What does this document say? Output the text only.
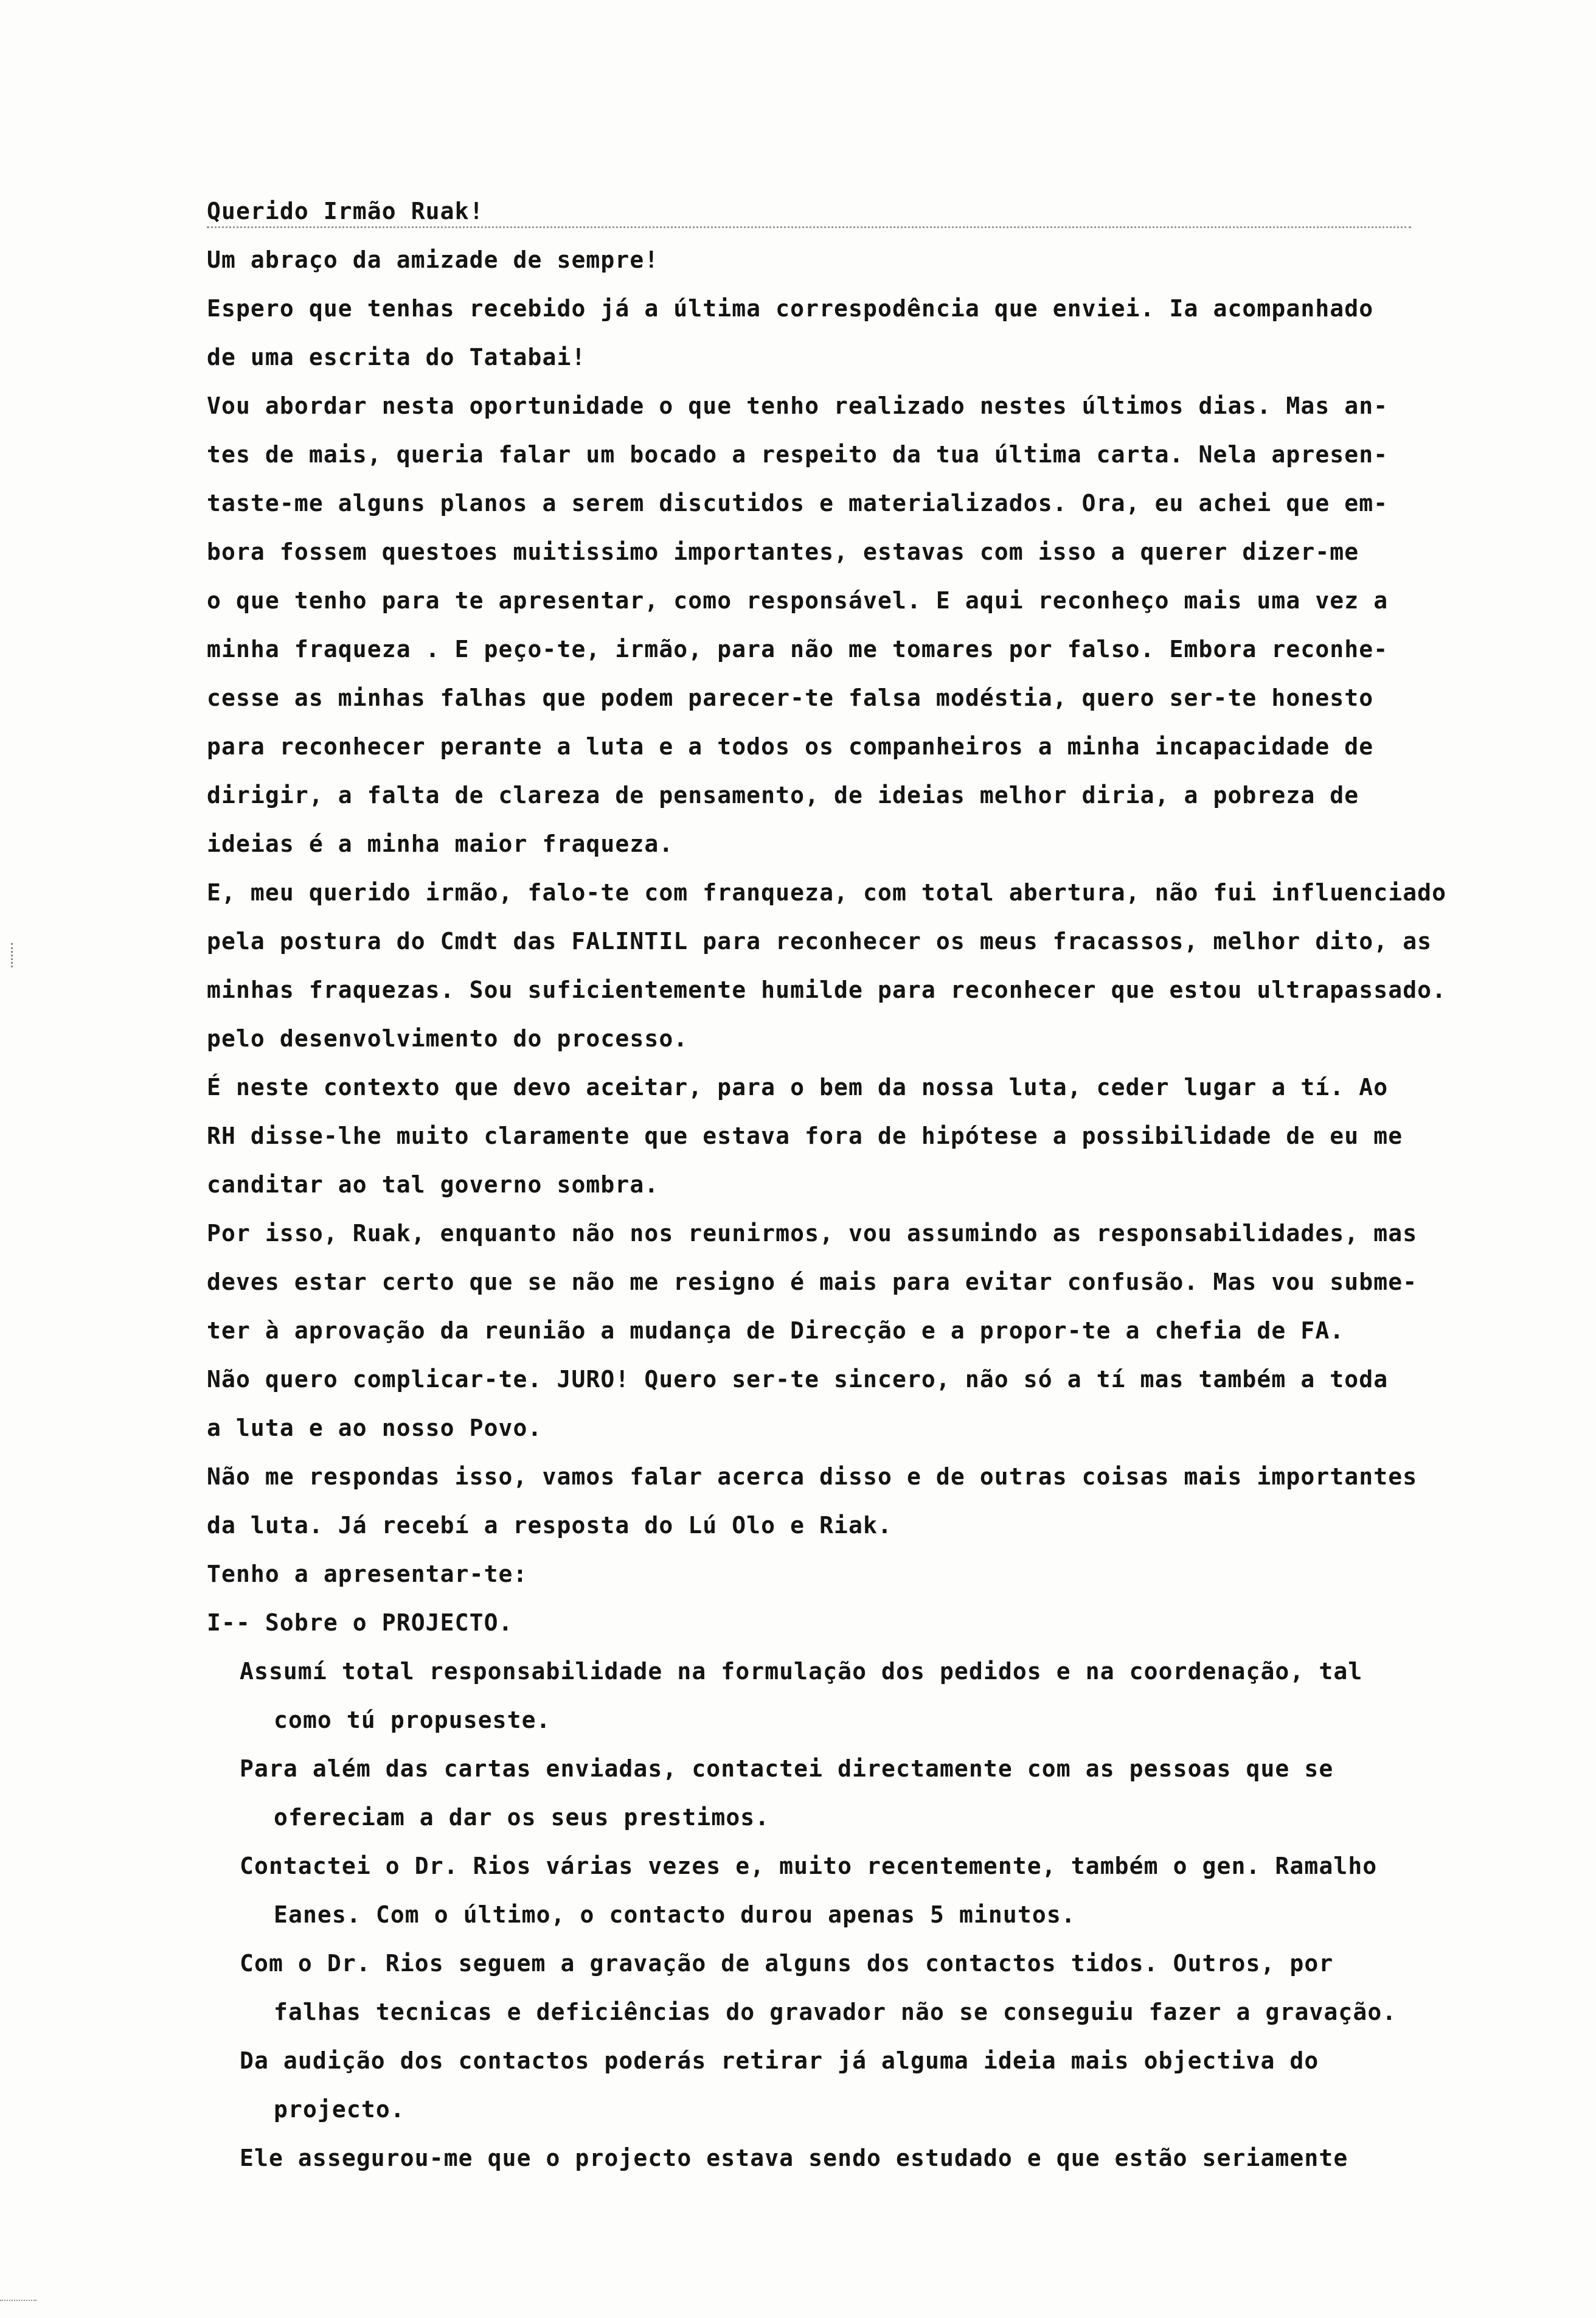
Querido Irmão Ruak!
Um abraço da amizade de sempre!
Espero que tenhas recebido já a última correspodência que enviei. Ia acompanhado
de uma escrita do Tatabai!
Vou abordar nesta oportunidade o que tenho realizado nestes últimos dias. Mas an-
tes de mais, queria falar um bocado a respeito da tua última carta. Nela apresen-
taste-me alguns planos a serem discutidos e materializados. Ora, eu achei que em-
bora fossem questoes muitissimo importantes, estavas com isso a querer dizer-me
o que tenho para te apresentar, como responsável. E aqui reconheço mais uma vez a
minha fraqueza . E peço-te, irmão, para não me tomares por falso. Embora reconhe-
cesse as minhas falhas que podem parecer-te falsa modéstia, quero ser-te honesto
para reconhecer perante a luta e a todos os companheiros a minha incapacidade de
dirigir, a falta de clareza de pensamento, de ideias melhor diria, a pobreza de
ideias é a minha maior fraqueza.
E, meu querido irmão, falo-te com franqueza, com total abertura, não fui influenciado
pela postura do Cmdt das FALINTIL para reconhecer os meus fracassos, melhor dito, as
minhas fraquezas. Sou suficientemente humilde para reconhecer que estou ultrapassado.
pelo desenvolvimento do processo.
É neste contexto que devo aceitar, para o bem da nossa luta, ceder lugar a tí. Ao
RH disse-lhe muito claramente que estava fora de hipótese a possibilidade de eu me
canditar ao tal governo sombra.
Por isso, Ruak, enquanto não nos reunirmos, vou assumindo as responsabilidades, mas
deves estar certo que se não me resigno é mais para evitar confusão. Mas vou subme-
ter à aprovação da reunião a mudança de Direcção e a propor-te a chefia de FA.
Não quero complicar-te. JURO! Quero ser-te sincero, não só a tí mas também a toda
a luta e ao nosso Povo.
Não me respondas isso, vamos falar acerca disso e de outras coisas mais importantes
da luta. Já recebí a resposta do Lú Olo e Riak.
Tenho a apresentar-te:
I-- Sobre o PROJECTO.
Assumí total responsabilidade na formulação dos pedidos e na coordenação, tal
como tú propuseste.
Para além das cartas enviadas, contactei directamente com as pessoas que se
ofereciam a dar os seus prestimos.
Contactei o Dr. Rios várias vezes e, muito recentemente, também o gen. Ramalho
Eanes. Com o último, o contacto durou apenas 5 minutos.
Com o Dr. Rios seguem a gravação de alguns dos contactos tidos. Outros, por
falhas tecnicas e deficiências do gravador não se conseguiu fazer a gravação.
Da audição dos contactos poderás retirar já alguma ideia mais objectiva do
projecto.
Ele assegurou-me que o projecto estava sendo estudado e que estão seriamente
